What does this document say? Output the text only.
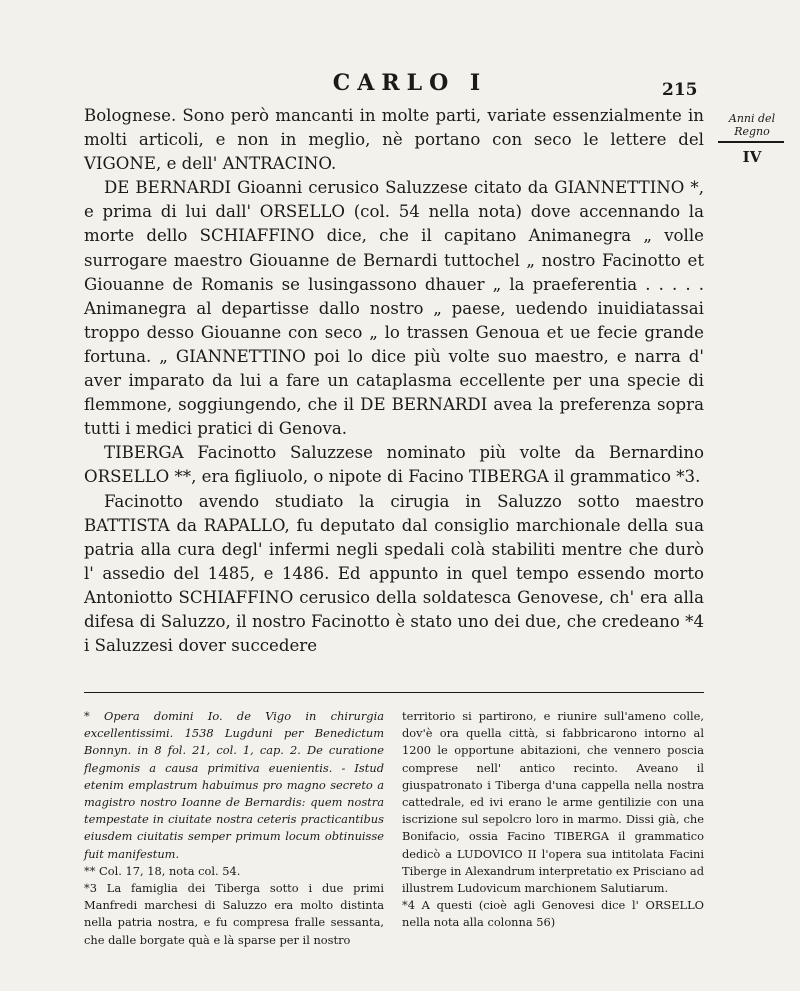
CARLO I	215
Anni del Regno
IV

Bolognese. Sono però mancanti in molte parti, variate essenzialmente in molti articoli, e non in meglio, nè portano con seco le lettere del VIGONE, e dell' ANTRACINO.

DE BERNARDI Gioanni cerusico Saluzzese citato da GIANNETTINO *, e prima di lui dall' ORSELLO (col. 54 nella nota) dove accennando la morte dello SCHIAFFINO dice, che il capitano Animanegra „ volle surrogare maestro Giouanne de Bernardi tuttochel „ nostro Facinotto et Giouanne de Romanis se lusingassono dhauer „ la praeferentia . . . . . Animanegra al departisse dallo nostro „ paese, uedendo inuidiatassai troppo desso Giouanne con seco „ lo trassen Genoua et ue fecie grande fortuna. „ GIANNETTINO poi lo dice più volte suo maestro, e narra d' aver imparato da lui a fare un cataplasma eccellente per una specie di flemmone, soggiungendo, che il DE BERNARDI avea la preferenza sopra tutti i medici pratici di Genova.

TIBERGA Facinotto Saluzzese nominato più volte da Bernardino ORSELLO **, era figliuolo, o nipote di Facino TIBERGA il grammatico *3.

Facinotto avendo studiato la cirugia in Saluzzo sotto maestro BATTISTA da RAPALLO, fu deputato dal consiglio marchionale della sua patria alla cura degl' infermi negli spedali colà stabiliti mentre che durò l' assedio del 1485, e 1486. Ed appunto in quel tempo essendo morto Antoniotto SCHIAFFINO cerusico della soldatesca Genovese, ch' era alla difesa di Saluzzo, il nostro Facinotto è stato uno dei due, che credeano *4 i Saluzzesi dover succedere

* Opera domini Io. de Vigo in chirurgia excellentissimi. 1538 Lugduni per Benedictum Bonnyn. in 8 fol. 21, col. 1, cap. 2. De curatione flegmonis a causa primitiva euenientis. - Istud etenim emplastrum habuimus pro magno secreto a magistro nostro Ioanne de Bernardis: quem nostra tempestate in ciuitate nostra ceteris practicantibus eiusdem ciuitatis semper primum locum obtinuisse fuit manifestum.

** Col. 17, 18, nota col. 54.

*3 La famiglia dei Tiberga sotto i due primi Manfredi marchesi di Saluzzo era molto distinta nella patria nostra, e fu compresa fralle sessanta, che dalle borgate quà e là sparse per il nostro

territorio si partirono, e riunire sull'ameno colle, dov'è ora quella città, si fabbricarono intorno al 1200 le opportune abitazioni, che vennero poscia comprese nell' antico recinto. Aveano il giuspatronato i Tiberga d'una cappella nella nostra cattedrale, ed ivi erano le arme gentilizie con una iscrizione sul sepolcro loro in marmo. Dissi già, che Bonifacio, ossia Facino TIBERGA il grammatico dedicò a LUDOVICO II l'opera sua intitolata Facini Tiberge in Alexandrum interpretatio ex Prisciano ad illustrem Ludovicum marchionem Salutiarum.

*4 A questi (cioè agli Genovesi dice l' ORSELLO nella nota alla colonna 56)
